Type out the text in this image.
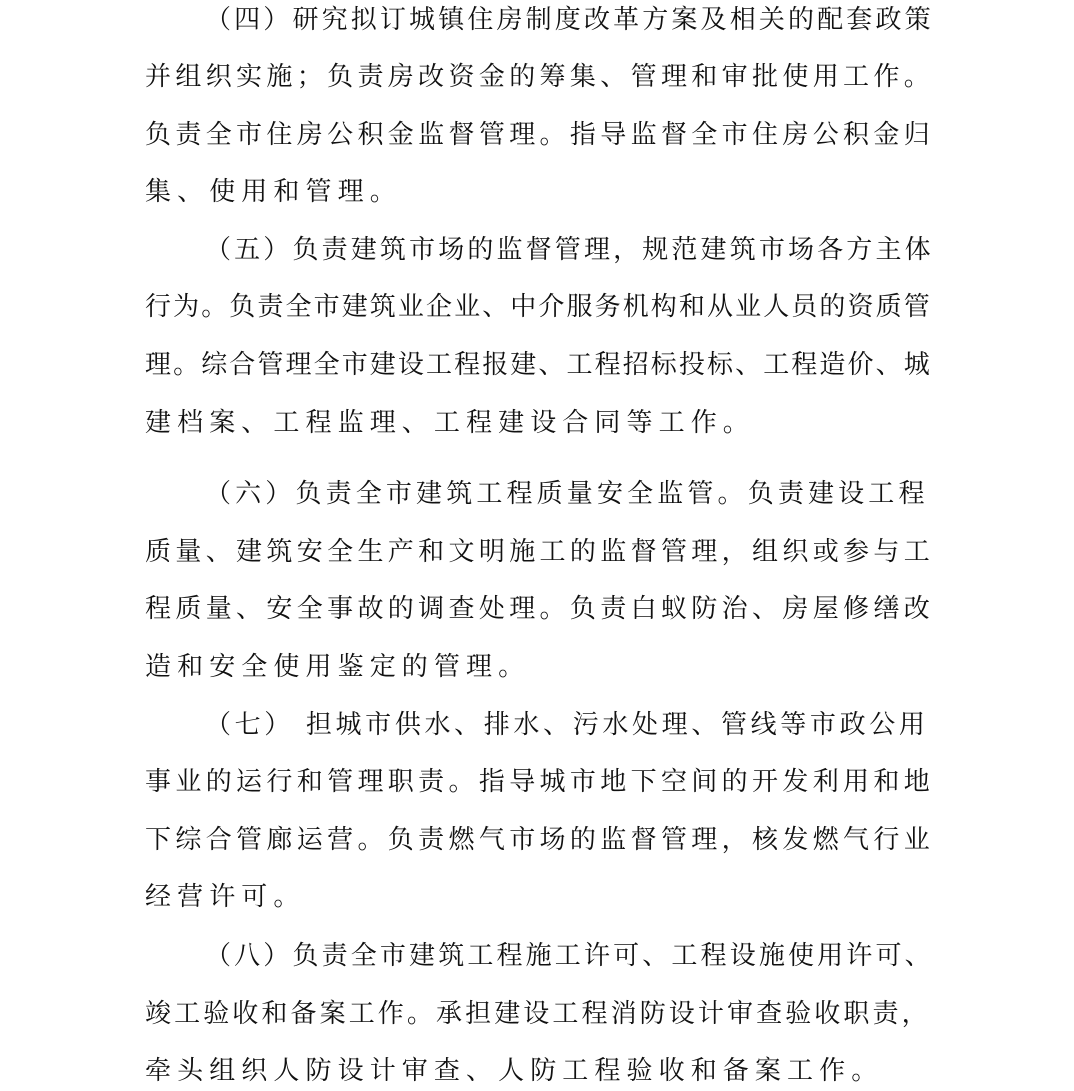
（四）研究拟订城镇住房制度改革方案及相关的配套政策
并组织实施；负责房改资金的筹集、管理和审批使用工作。
负责全市住房公积金监督管理。指导监督全市住房公积金归
集、使用和管理。
（五）负责建筑市场的监督管理，规范建筑市场各方主体
行为。负责全市建筑业企业、中介服务机构和从业人员的资质管
理。综合管理全市建设工程报建、工程招标投标、工程造价、城
建档案、工程监理、工程建设合同等工作。
（六）负责全市建筑工程质量安全监管。负责建设工程
质量、建筑安全生产和文明施工的监督管理，组织或参与工
程质量、安全事故的调查处理。负责白蚁防治、房屋修缮改
造和安全使用鉴定的管理。
（七） 担城市供水、排水、污水处理、管线等市政公用
事业的运行和管理职责。指导城市地下空间的开发利用和地
下综合管廊运营。负责燃气市场的监督管理，核发燃气行业
经营许可。
（八）负责全市建筑工程施工许可、工程设施使用许可、
竣工验收和备案工作。承担建设工程消防设计审查验收职责，
牵头组织人防设计审查、人防工程验收和备案工作。
